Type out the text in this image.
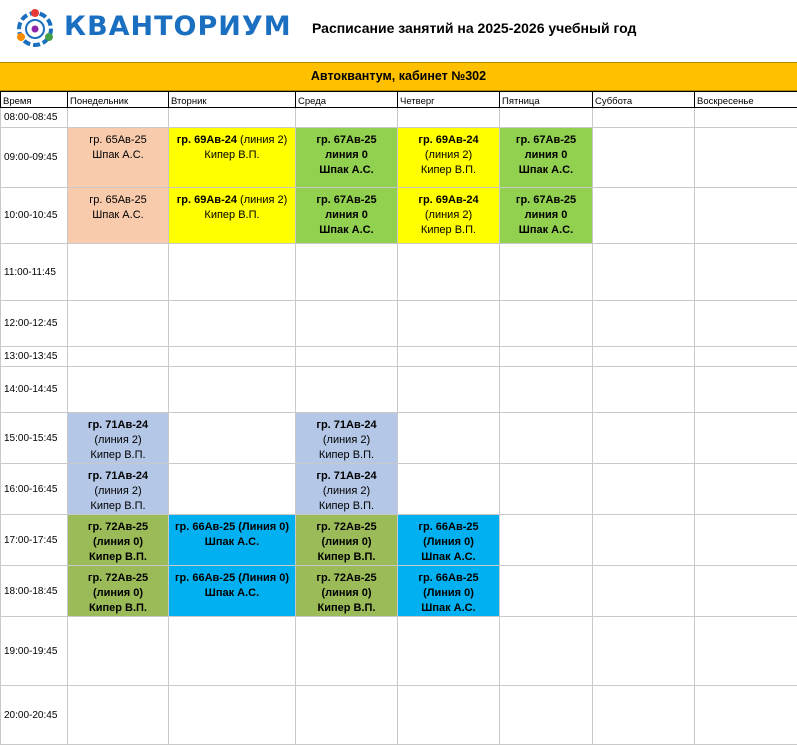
КВАНТОРИУМ Расписание занятий на 2025-2026 учебный год
Автоквантум, кабинет №302
Время	Понедельник	Вторник	Среда	Четверг	Пятница	Суббота	Воскресенье
08:00-08:45							
09:00-09:45	гр. 65Ав-25
Шпак А.С.	гр. 69Ав-24 (линия 2)
Кипер В.П.	гр. 67Ав-25
линия 0
Шпак А.С.	гр. 69Ав-24
(линия 2)
Кипер В.П.	гр. 67Ав-25
линия 0
Шпак А.С.		

10:00-10:45	гр. 65Ав-25
Шпак А.С.	гр. 69Ав-24 (линия 2)
Кипер В.П.	гр. 67Ав-25
линия 0
Шпак А.С.	гр. 69Ав-24
(линия 2)
Кипер В.П.	гр. 67Ав-25
линия 0
Шпак А.С.		

11:00-11:45							
12:00-12:45							
13:00-13:45							
14:00-14:45							
15:00-15:45	гр. 71Ав-24
(линия 2)
Кипер В.П.		гр. 71Ав-24
(линия 2)
Кипер В.П.				

16:00-16:45	гр. 71Ав-24
(линия 2)
Кипер В.П.		гр. 71Ав-24
(линия 2)
Кипер В.П.				

17:00-17:45	гр. 72Ав-25
(линия 0)
Кипер В.П.	гр. 66Ав-25 (Линия 0)
Шпак А.С.	гр. 72Ав-25
(линия 0)
Кипер В.П.	гр. 66Ав-25
(Линия 0)
Шпак А.С.			

18:00-18:45	гр. 72Ав-25
(линия 0)
Кипер В.П.	гр. 66Ав-25 (Линия 0)
Шпак А.С.	гр. 72Ав-25
(линия 0)
Кипер В.П.	гр. 66Ав-25
(Линия 0)
Шпак А.С.			

19:00-19:45							
20:00-20:45							
